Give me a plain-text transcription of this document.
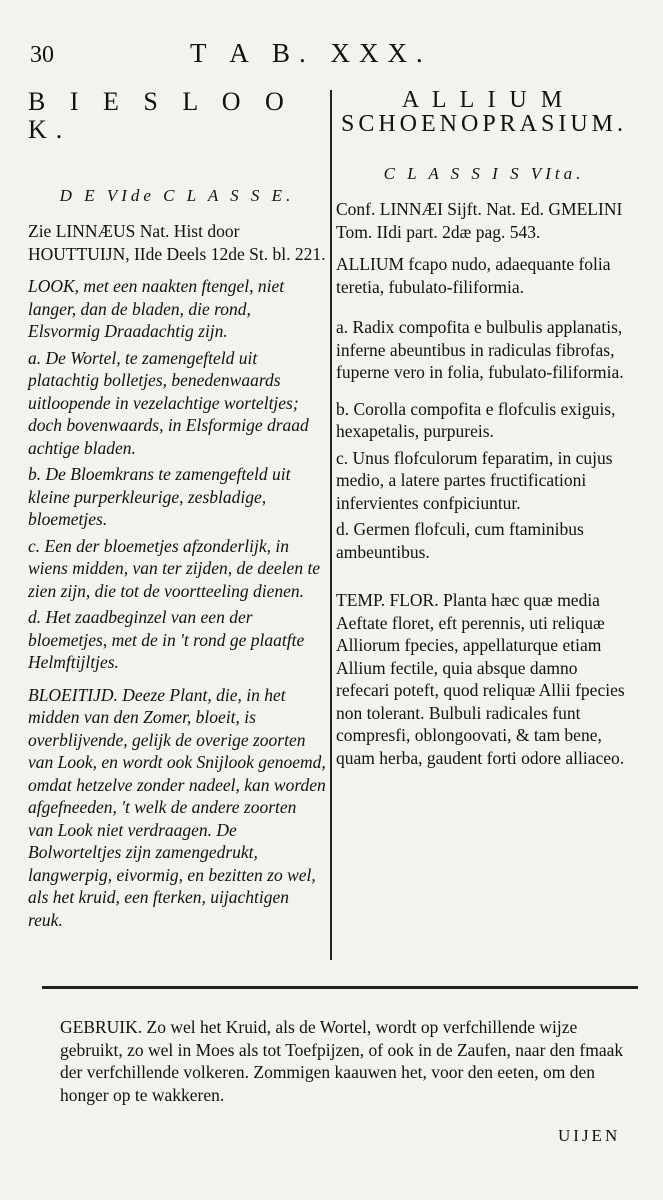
30	T A B. XXX.
B I E S L O O K.
D E VIde C L A S S E.

Zie LINNÆUS Nat. Hist door HOUTTUIJN, IIde Deels 12de St. bl. 221.

LOOK, met een naakten ftengel, niet langer, dan de bladen, die rond, Elsvormig Draadachtig zijn.

a. De Wortel, te zamengefteld uit platachtig bolletjes, benedenwaards uitloopende in vezelachtige worteltjes; doch bovenwaards, in Elsformige draad achtige bladen.

b. De Bloemkrans te zamengefteld uit kleine purperkleurige, zesbladige, bloemetjes.

c. Een der bloemetjes afzonderlijk, in wiens midden, van ter zijden, de deelen te zien zijn, die tot de voortteeling dienen.

d. Het zaadbeginzel van een der bloemetjes, met de in 't rond ge plaatfte Helmftijltjes.

BLOEITIJD. Deeze Plant, die, in het midden van den Zomer, bloeit, is overblijvende, gelijk de overige zoorten van Look, en wordt ook Snijlook genoemd, omdat hetzelve zonder nadeel, kan worden afgefneeden, 't welk de andere zoorten van Look niet verdraagen. De Bolworteltjes zijn zamengedrukt, langwerpig, eivormig, en bezitten zo wel, als het kruid, een fterken, uijachtigen reuk.

A L L I U M
SCHOENOPRASIUM.
C L A S S I S VIta.

Conf. LINNÆI Sijft. Nat. Ed. GMELINI Tom. IIdi part. 2dæ pag. 543.

ALLIUM fcapo nudo, adaequante folia teretia, fubulato-filiformia.

a. Radix compofita e bulbulis applanatis, inferne abeuntibus in radiculas fibrofas, fuperne vero in folia, fubulato-filiformia.

b. Corolla compofita e flofculis exiguis, hexapetalis, purpureis.

c. Unus flofculorum feparatim, in cujus medio, a latere partes fructificationi infervientes confpiciuntur.

d. Germen flofculi, cum ftaminibus ambeuntibus.

TEMP. FLOR. Planta hæc quæ media Aeftate floret, eft perennis, uti reliquæ Alliorum fpecies, appellaturque etiam Allium fectile, quia absque damno refecari poteft, quod reliquæ Allii fpecies non tolerant. Bulbuli radicales funt compresfi, oblongoovati, & tam bene, quam herba, gaudent forti odore alliaceo.

GEBRUIK. Zo wel het Kruid, als de Wortel, wordt op verfchillende wijze gebruikt, zo wel in Moes als tot Toefpijzen, of ook in de Zaufen, naar den fmaak der verfchillende volkeren. Zommigen kaauwen het, voor den eeten, om den honger op te wakkeren.
UIJEN
